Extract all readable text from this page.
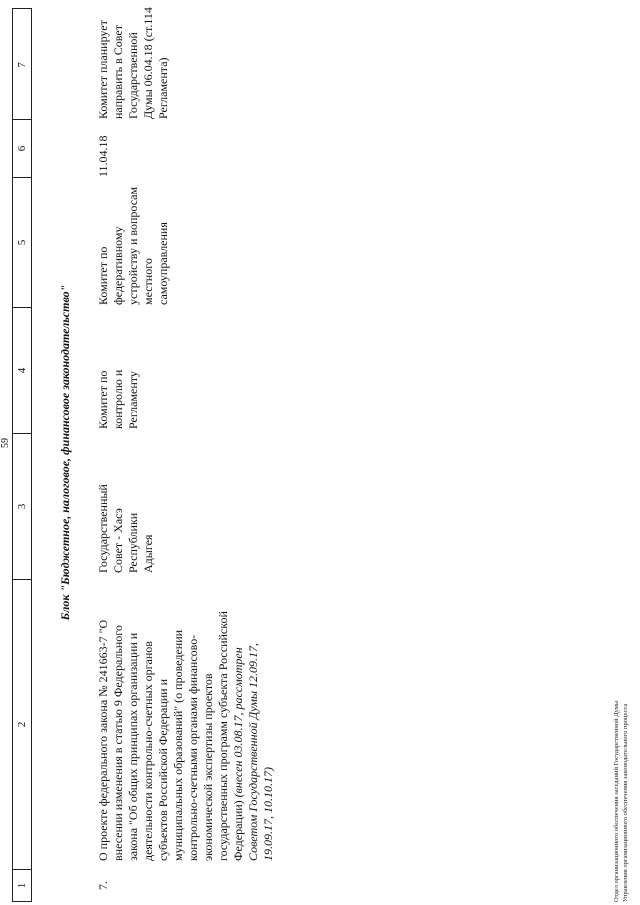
59
1
2
3
4
5
6
7
Блок "Бюджетное, налоговое, финансовое законодательство"
7.
О проекте федерального закона № 241663-7 "О внесении изменения в статью 9 Федерального закона "Об общих принципах организации и деятельности контрольно-счетных органов субъектов Российской Федерации и муниципальных образований" (о проведении контрольно-счетными органами финансово-экономической экспертизы проектов государственных программ субъекта Российской Федерации) (внесен 03.08.17, рассмотрен Советом Государственной Думы 12.09.17, 19.09.17, 10.10.17)
Государственный Совет - Хасэ Республики Адыгея
Комитет по контролю и Регламенту
Комитет по федеративному устройству и вопросам местного самоуправления
11.04.18
Комитет планирует направить в Совет Государственной Думы 06.04.18 (ст.114 Регламента)
Отдел организационного обеспечения заседаний Государственной Думы Управления организационного обеспечения законодательного процесса
